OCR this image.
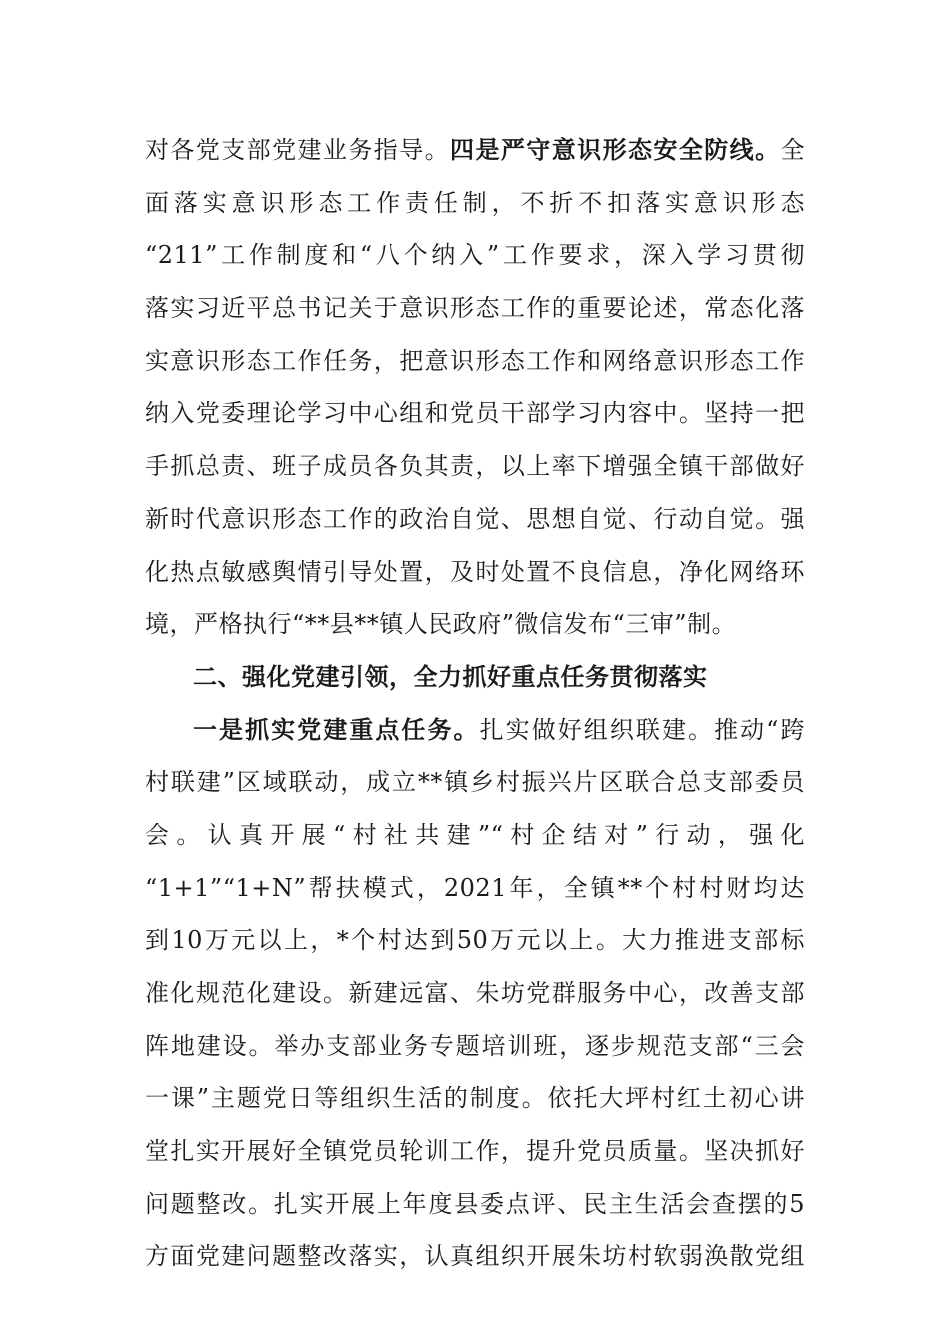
对各党支部党建业务指导。四是严守意识形态安全防线。全
面落实意识形态工作责任制，不折不扣落实意识形态
“211”工作制度和“八个纳入”工作要求，深入学习贯彻
落实习近平总书记关于意识形态工作的重要论述，常态化落
实意识形态工作任务，把意识形态工作和网络意识形态工作
纳入党委理论学习中心组和党员干部学习内容中。坚持一把
手抓总责、班子成员各负其责，以上率下增强全镇干部做好
新时代意识形态工作的政治自觉、思想自觉、行动自觉。强
化热点敏感舆情引导处置，及时处置不良信息，净化网络环
境，严格执行“**县**镇人民政府”微信发布“三审”制。
二、强化党建引领，全力抓好重点任务贯彻落实
一是抓实党建重点任务。扎实做好组织联建。推动“跨
村联建”区域联动，成立**镇乡村振兴片区联合总支部委员
会。认真开展“村社共建”“村企结对”行动，强化
“1+1”“1+N”帮扶模式，2021年，全镇**个村村财均达
到10万元以上，*个村达到50万元以上。大力推进支部标
准化规范化建设。新建远富、朱坊党群服务中心，改善支部
阵地建设。举办支部业务专题培训班，逐步规范支部“三会
一课”主题党日等组织生活的制度。依托大坪村红土初心讲
堂扎实开展好全镇党员轮训工作，提升党员质量。坚决抓好
问题整改。扎实开展上年度县委点评、民主生活会查摆的5
方面党建问题整改落实，认真组织开展朱坊村软弱涣散党组
